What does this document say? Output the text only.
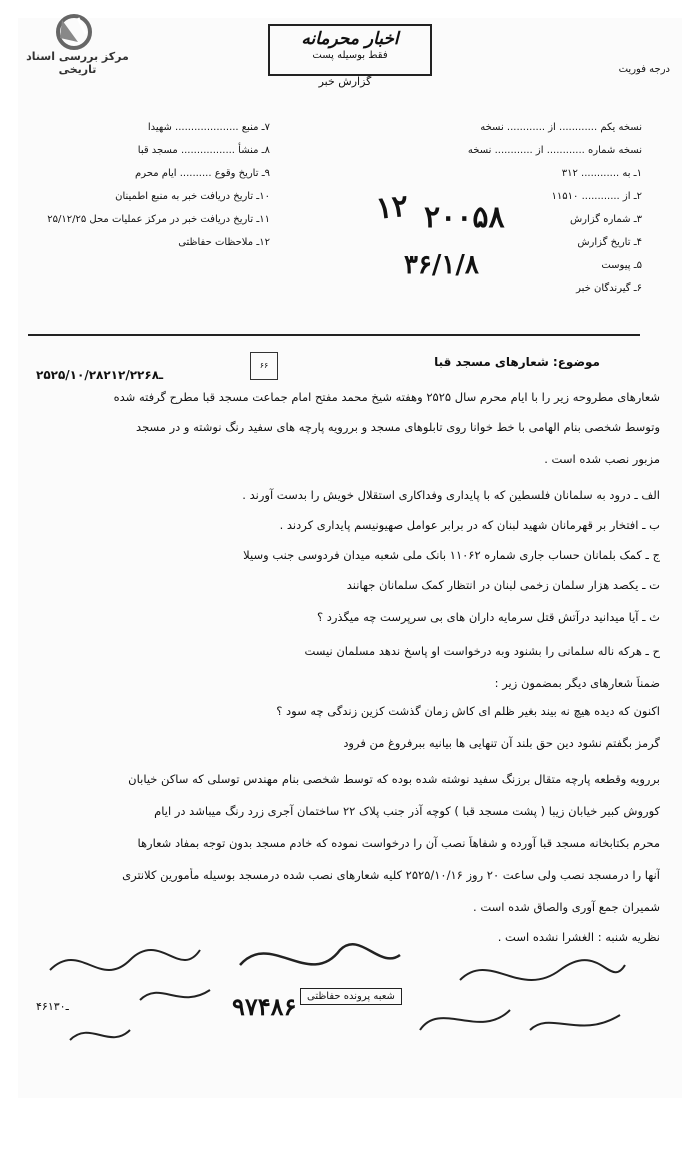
مرکز بررسی اسناد تاریخی
اخبار محرمانه
فقط بوسیله پست
گزارش خبر
درجه فوریت
۷ـ منبع .................... شهیدا
۸ـ منشأ ................. مسجد قبا
۹ـ تاریخ وقوع .......... ایام محرم
۱۰ـ تاریخ دریافت خبر به منبع اطمینان
۱۱ـ تاریخ دریافت خبر در مرکز عملیات محل ۲۵/۱۲/۲۵
۱۲ـ ملاحظات حفاظتی
نسخه یکم ............ از ............ نسخه
نسخه شماره ............ از ............ نسخه
۱ـ به ............ ۳۱۲
۲ـ از ............ ۱۱۵۱۰
۳ـ شماره گزارش
۴ـ تاریخ گزارش
۵ـ پیوست
۶ـ گیرندگان خبر
۱۲ ۲۰۰۵۸
۳۶/۱/۸
موضوع: شعارهای مسجد قبا
۲۵۲۵/۱۰/۲۸ـ۲۱۲/۲۲۶۸
۶۶
شعارهای مطروحه زیر را با ایام محرم سال ۲۵۲۵ وهفته شیخ محمد مفتح امام جماعت مسجد قبا مطرح گرفته شده
وتوسط شخصی بنام الهامی با خط خوانا روی تابلوهای مسجد و بررویه پارچه های سفید رنگ نوشته و در مسجد
مزبور نصب شده است .
الف ـ درود به سلمانان فلسطین که با پایداری وفداکاری استقلال خویش را بدست آورند .
ب ـ افتخار بر قهرمانان شهید لبنان که در برابر عوامل صهیونیسم پایداری کردند .
ج ـ کمک بلمانان حساب جاری شماره ۱۱۰۶۲ بانک ملی شعبه میدان فردوسی جنب وسیلا
ت ـ یکصد هزار سلمان زخمی لبنان در انتظار کمک سلمانان جهانند
ث ـ آیا میدانید درآتش قتل سرمایه داران های بی سرپرست چه میگذرد ؟
ح ـ هرکه ناله سلمانی را بشنود وبه درخواست او پاسخ ندهد مسلمان نیست
ضمناً شعارهای دیگر بمضمون زیر :
اکنون که دیده هیچ نه بیند بغیر ظلم ای کاش زمان گذشت کزین زندگی چه سود ؟
گرمز بگفتم نشود دین حق بلند آن تنهایی ها بیانیه ببرفروغ من فرود
بررویه وقطعه پارچه متقال برزنگ سفید نوشته شده بوده که توسط شخصی بنام مهندس توسلی که ساکن خیابان
کوروش کبیر خیابان زیبا ( پشت مسجد قبا ) کوچه آذر جنب پلاک ۲۲ ساختمان آجری زرد رنگ میباشد در ایام
محرم بکتابخانه مسجد قبا آورده و شفاهاً نصب آن را درخواست نموده که خادم مسجد بدون توجه بمفاد شعارها
آنها را درمسجد نصب ولی ساعت ۲۰ روز ۲۵۲۵/۱۰/۱۶ کلیه شعارهای نصب شده درمسجد بوسیله مأمورین کلانتری
شمیران جمع آوری والصاق شده است .
نظریه شنبه : الغشرا نشده است .
شعبه پرونده حفاظتی
۹۷۴۸۶
۴۶ـ۱۳۰
